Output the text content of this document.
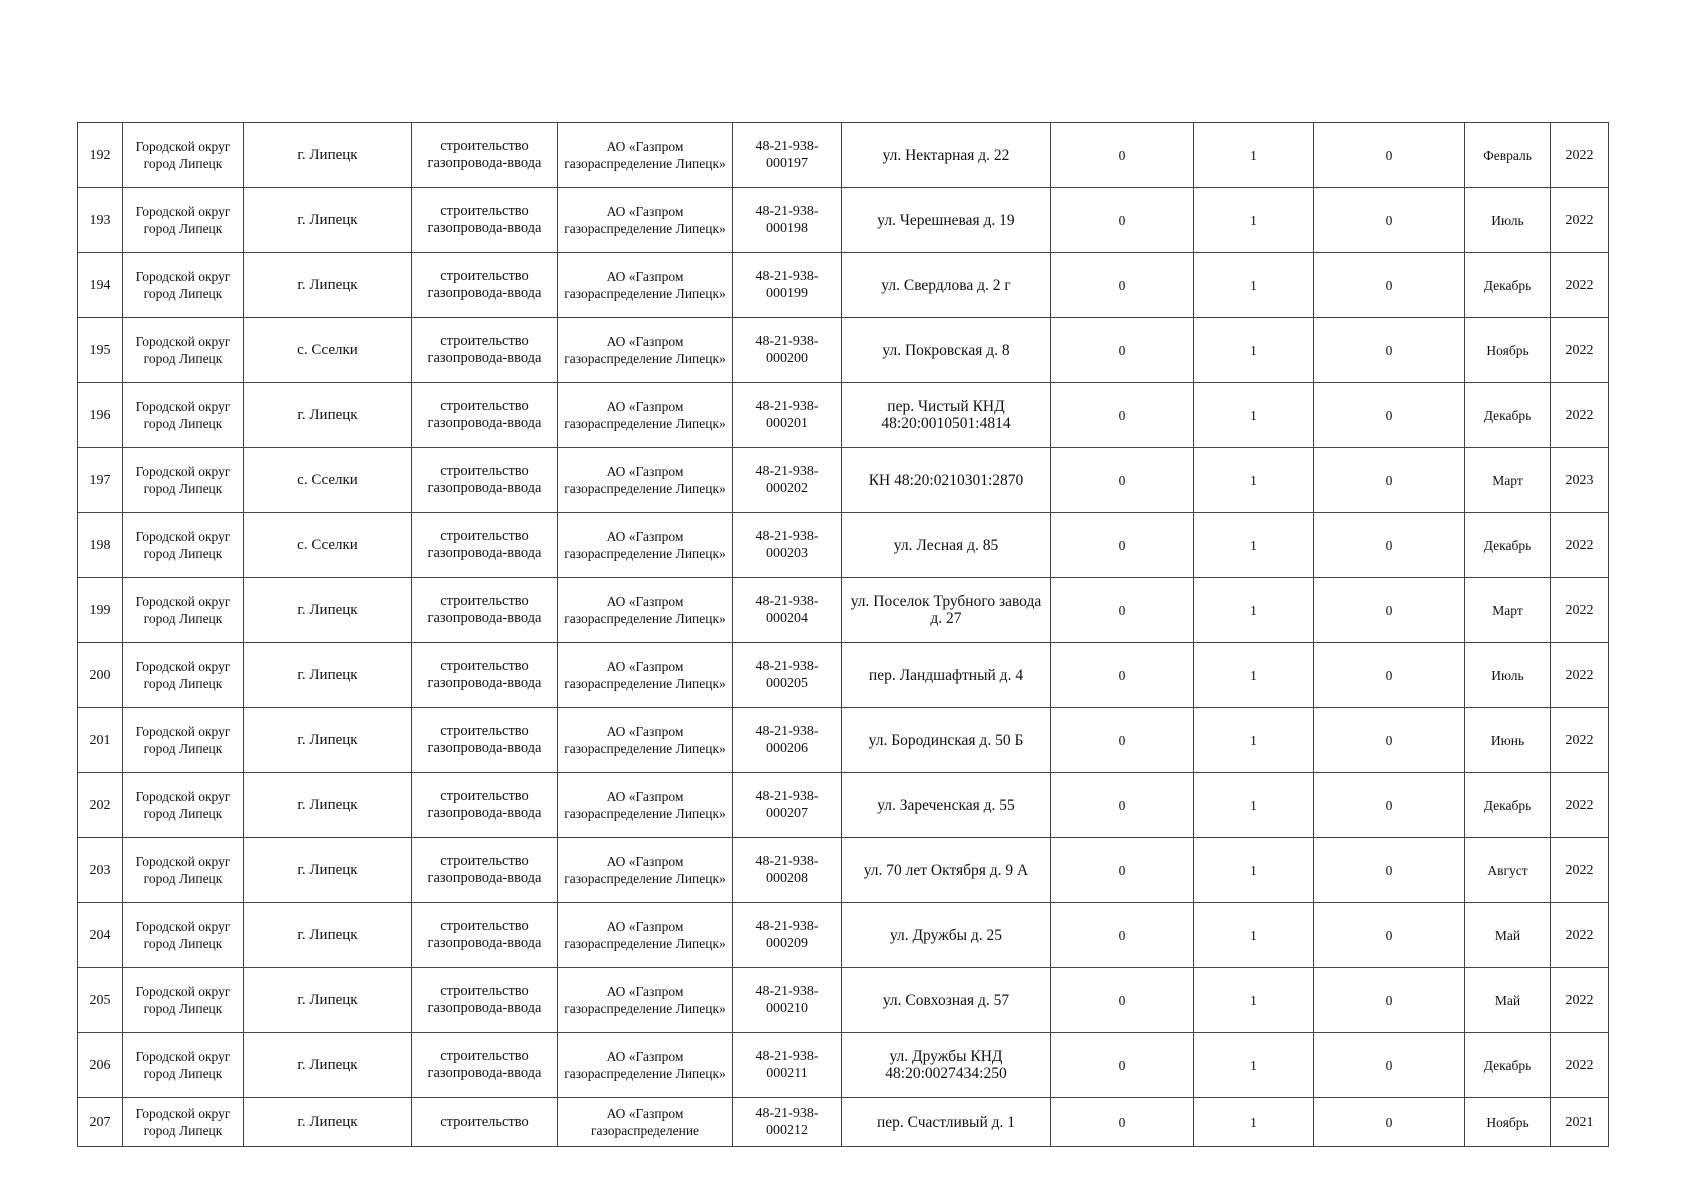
192	Городской округ город Липецк	г. Липецк	строительство газопровода-ввода	АО «Газпром газораспределение Липецк»	48-21-938-000197	ул. Нектарная д. 22	0	1	0	Февраль	2022
193	Городской округ город Липецк	г. Липецк	строительство газопровода-ввода	АО «Газпром газораспределение Липецк»	48-21-938-000198	ул. Черешневая д. 19	0	1	0	Июль	2022
194	Городской округ город Липецк	г. Липецк	строительство газопровода-ввода	АО «Газпром газораспределение Липецк»	48-21-938-000199	ул. Свердлова д. 2 г	0	1	0	Декабрь	2022
195	Городской округ город Липецк	с. Сселки	строительство газопровода-ввода	АО «Газпром газораспределение Липецк»	48-21-938-000200	ул. Покровская д. 8	0	1	0	Ноябрь	2022
196	Городской округ город Липецк	г. Липецк	строительство газопровода-ввода	АО «Газпром газораспределение Липецк»	48-21-938-000201	пер. Чистый КНД 48:20:0010501:4814	0	1	0	Декабрь	2022
197	Городской округ город Липецк	с. Сселки	строительство газопровода-ввода	АО «Газпром газораспределение Липецк»	48-21-938-000202	КН 48:20:0210301:2870	0	1	0	Март	2023
198	Городской округ город Липецк	с. Сселки	строительство газопровода-ввода	АО «Газпром газораспределение Липецк»	48-21-938-000203	ул. Лесная д. 85	0	1	0	Декабрь	2022
199	Городской округ город Липецк	г. Липецк	строительство газопровода-ввода	АО «Газпром газораспределение Липецк»	48-21-938-000204	ул. Поселок Трубного завода д. 27	0	1	0	Март	2022
200	Городской округ город Липецк	г. Липецк	строительство газопровода-ввода	АО «Газпром газораспределение Липецк»	48-21-938-000205	пер. Ландшафтный д. 4	0	1	0	Июль	2022
201	Городской округ город Липецк	г. Липецк	строительство газопровода-ввода	АО «Газпром газораспределение Липецк»	48-21-938-000206	ул. Бородинская д. 50 Б	0	1	0	Июнь	2022
202	Городской округ город Липецк	г. Липецк	строительство газопровода-ввода	АО «Газпром газораспределение Липецк»	48-21-938-000207	ул. Зареченская д. 55	0	1	0	Декабрь	2022
203	Городской округ город Липецк	г. Липецк	строительство газопровода-ввода	АО «Газпром газораспределение Липецк»	48-21-938-000208	ул. 70 лет Октября д. 9 А	0	1	0	Август	2022
204	Городской округ город Липецк	г. Липецк	строительство газопровода-ввода	АО «Газпром газораспределение Липецк»	48-21-938-000209	ул. Дружбы д. 25	0	1	0	Май	2022
205	Городской округ город Липецк	г. Липецк	строительство газопровода-ввода	АО «Газпром газораспределение Липецк»	48-21-938-000210	ул. Совхозная д. 57	0	1	0	Май	2022
206	Городской округ город Липецк	г. Липецк	строительство газопровода-ввода	АО «Газпром газораспределение Липецк»	48-21-938-000211	ул. Дружбы КНД 48:20:0027434:250	0	1	0	Декабрь	2022
207	Городской округ город Липецк	г. Липецк	строительство	АО «Газпром газораспределение	48-21-938-000212	пер. Счастливый д. 1	0	1	0	Ноябрь	2021
